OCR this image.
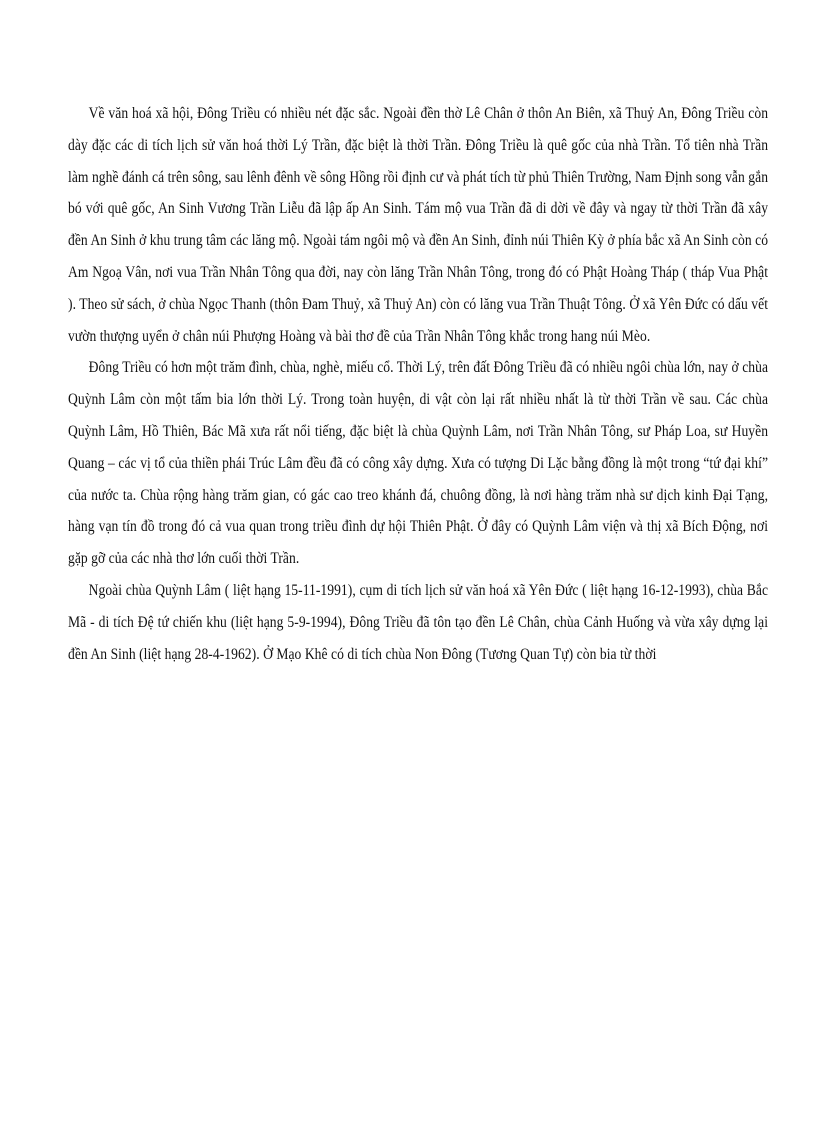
Về văn hoá xã hội, Đông Triều có nhiều nét đặc sắc. Ngoài đền thờ Lê Chân ở thôn An Biên, xã Thuỷ An, Đông Triều còn dày đặc các di tích lịch sử văn hoá thời Lý Trần, đặc biệt là thời Trần. Đông Triều là quê gốc của nhà Trần. Tổ tiên nhà Trần làm nghề đánh cá trên sông, sau lênh đênh về sông Hồng rồi định cư và phát tích từ phủ Thiên Trường, Nam Định song vẫn gắn bó với quê gốc, An Sinh Vương Trần Liễu đã lập ấp An Sinh. Tám mộ vua Trần đã di dời về đây và ngay từ thời Trần đã xây đền An Sinh ở khu trung tâm các lăng mộ. Ngoài tám ngôi mộ và đền An Sinh, đỉnh núi Thiên Kỳ ở phía bắc xã An Sinh còn có Am Ngoạ Vân, nơi vua Trần Nhân Tông qua đời, nay còn lăng Trần Nhân Tông, trong đó có Phật Hoàng Tháp ( tháp Vua Phật ). Theo sử sách, ở chùa Ngọc Thanh (thôn Đam Thuỷ, xã Thuỷ An) còn có lăng vua Trần Thuật Tông. Ở xã Yên Đức có dấu vết vườn thượng uyển ở chân núi Phượng Hoàng và bài thơ đề của Trần Nhân Tông khắc trong hang núi Mèo.

Đông Triều có hơn một trăm đình, chùa, nghè, miếu cổ. Thời Lý, trên đất Đông Triều đã có nhiều ngôi chùa lớn, nay ở chùa Quỳnh Lâm còn một tấm bia lớn thời Lý. Trong toàn huyện, di vật còn lại rất nhiều nhất là từ thời Trần về sau. Các chùa Quỳnh Lâm, Hồ Thiên, Bác Mã xưa rất nổi tiếng, đặc biệt là chùa Quỳnh Lâm, nơi Trần Nhân Tông, sư Pháp Loa, sư Huyền Quang – các vị tổ của thiền phái Trúc Lâm đều đã có công xây dựng. Xưa có tượng Di Lặc bằng đồng là một trong “tứ đại khí” của nước ta. Chùa rộng hàng trăm gian, có gác cao treo khánh đá, chuông đồng, là nơi hàng trăm nhà sư dịch kinh Đại Tạng, hàng vạn tín đồ trong đó cả vua quan trong triều đình dự hội Thiên Phật. Ở đây có Quỳnh Lâm viện và thị xã Bích Động, nơi gặp gỡ của các nhà thơ lớn cuối thời Trần.

Ngoài chùa Quỳnh Lâm ( liệt hạng 15-11-1991), cụm di tích lịch sử văn hoá xã Yên Đức ( liệt hạng 16-12-1993), chùa Bắc Mã - di tích Đệ tứ chiến khu (liệt hạng 5-9-1994), Đông Triều đã tôn tạo đền Lê Chân, chùa Cảnh Huống và vừa xây dựng lại đền An Sinh (liệt hạng 28-4-1962). Ở Mạo Khê có di tích chùa Non Đông (Tương Quan Tự) còn bia từ thời
